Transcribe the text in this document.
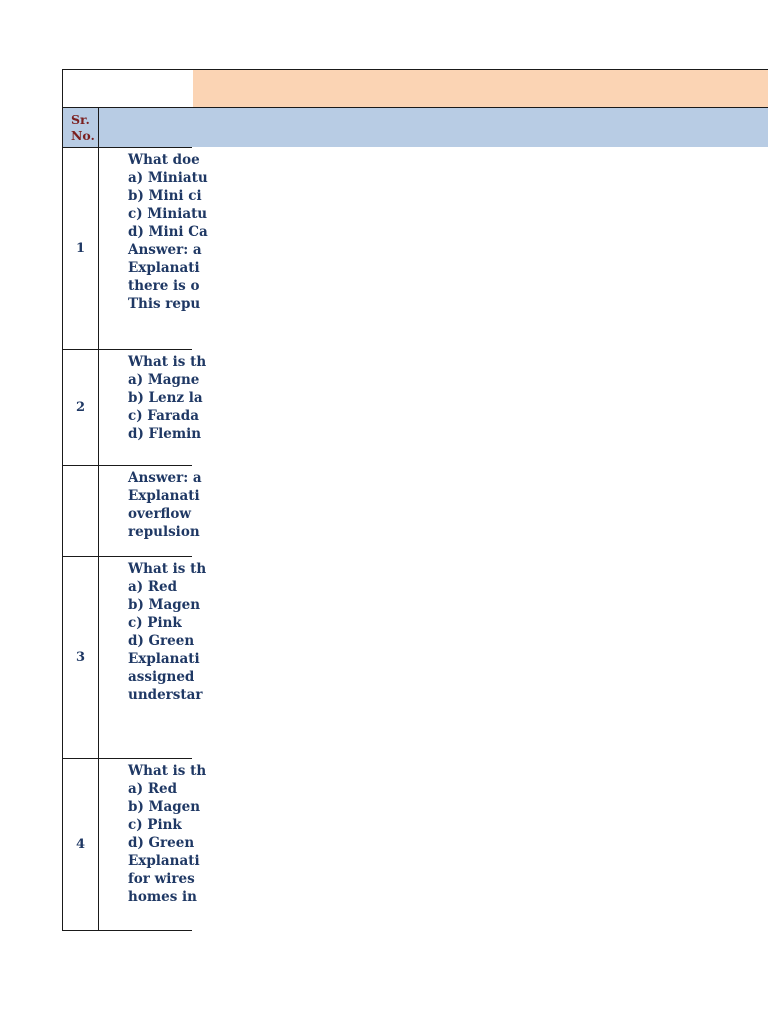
Sr.
No.
1
What doe
a) Miniatu
b) Mini ci
c) Miniatu
d) Mini Ca
Answer: a
Explanati
there is o
This repu
2
What is th
a) Magne
b) Lenz la
c) Farada
d) Flemin
Answer: a
Explanati
overflow
repulsion
3
What is th
a) Red
b) Magen
c) Pink
d) Green
Explanati
assigned
understar
4
What is th
a) Red
b) Magen
c) Pink
d) Green
Explanati
for wires
homes in
